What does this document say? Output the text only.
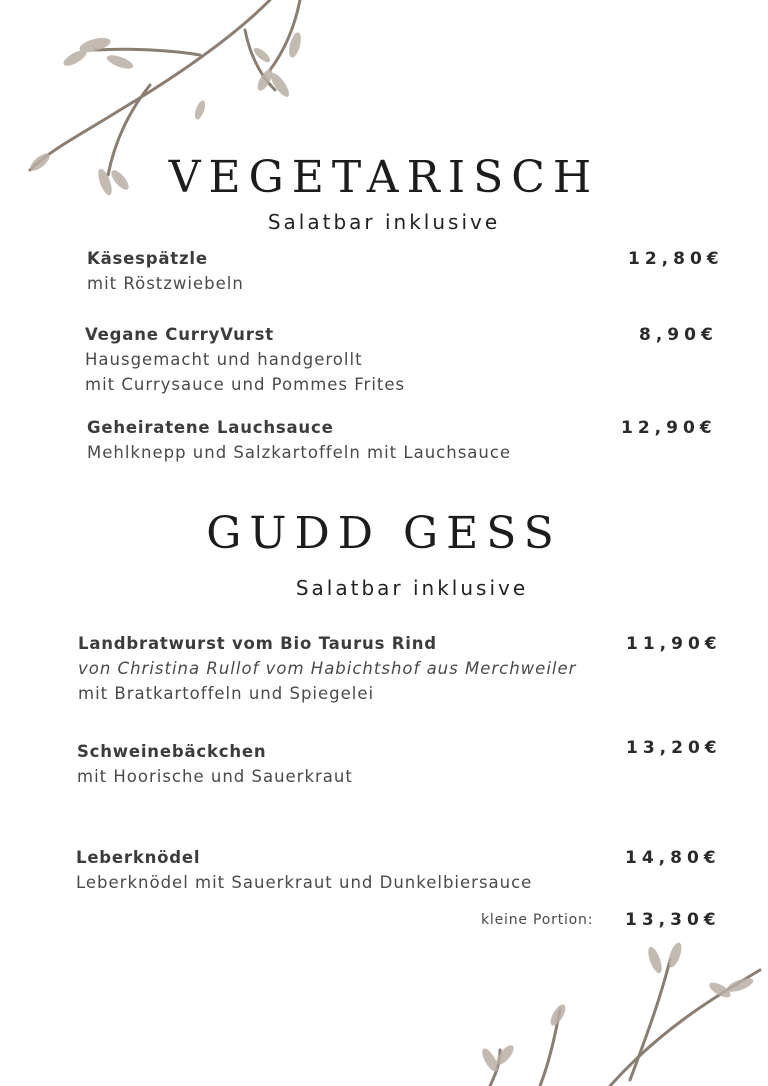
VEGETARISCH
Salatbar inklusive
Käsespätzle
mit Röstzwiebeln
12,80€
Vegane CurryVurst
Hausgemacht und handgerollt
mit Currysauce und Pommes Frites
8,90€
Geheiratene Lauchsauce
Mehlknepp und Salzkartoffeln mit Lauchsauce
12,90€
GUDD GESS
Salatbar inklusive
Landbratwurst vom Bio Taurus Rind
von Christina Rullof vom Habichtshof aus Merchweiler
mit Bratkartoffeln und Spiegelei
11,90€
Schweinebäckchen
mit Hoorische und Sauerkraut
13,20€
Leberknödel
Leberknödel mit Sauerkraut und Dunkelbiersauce
14,80€
kleine Portion: 13,30€
